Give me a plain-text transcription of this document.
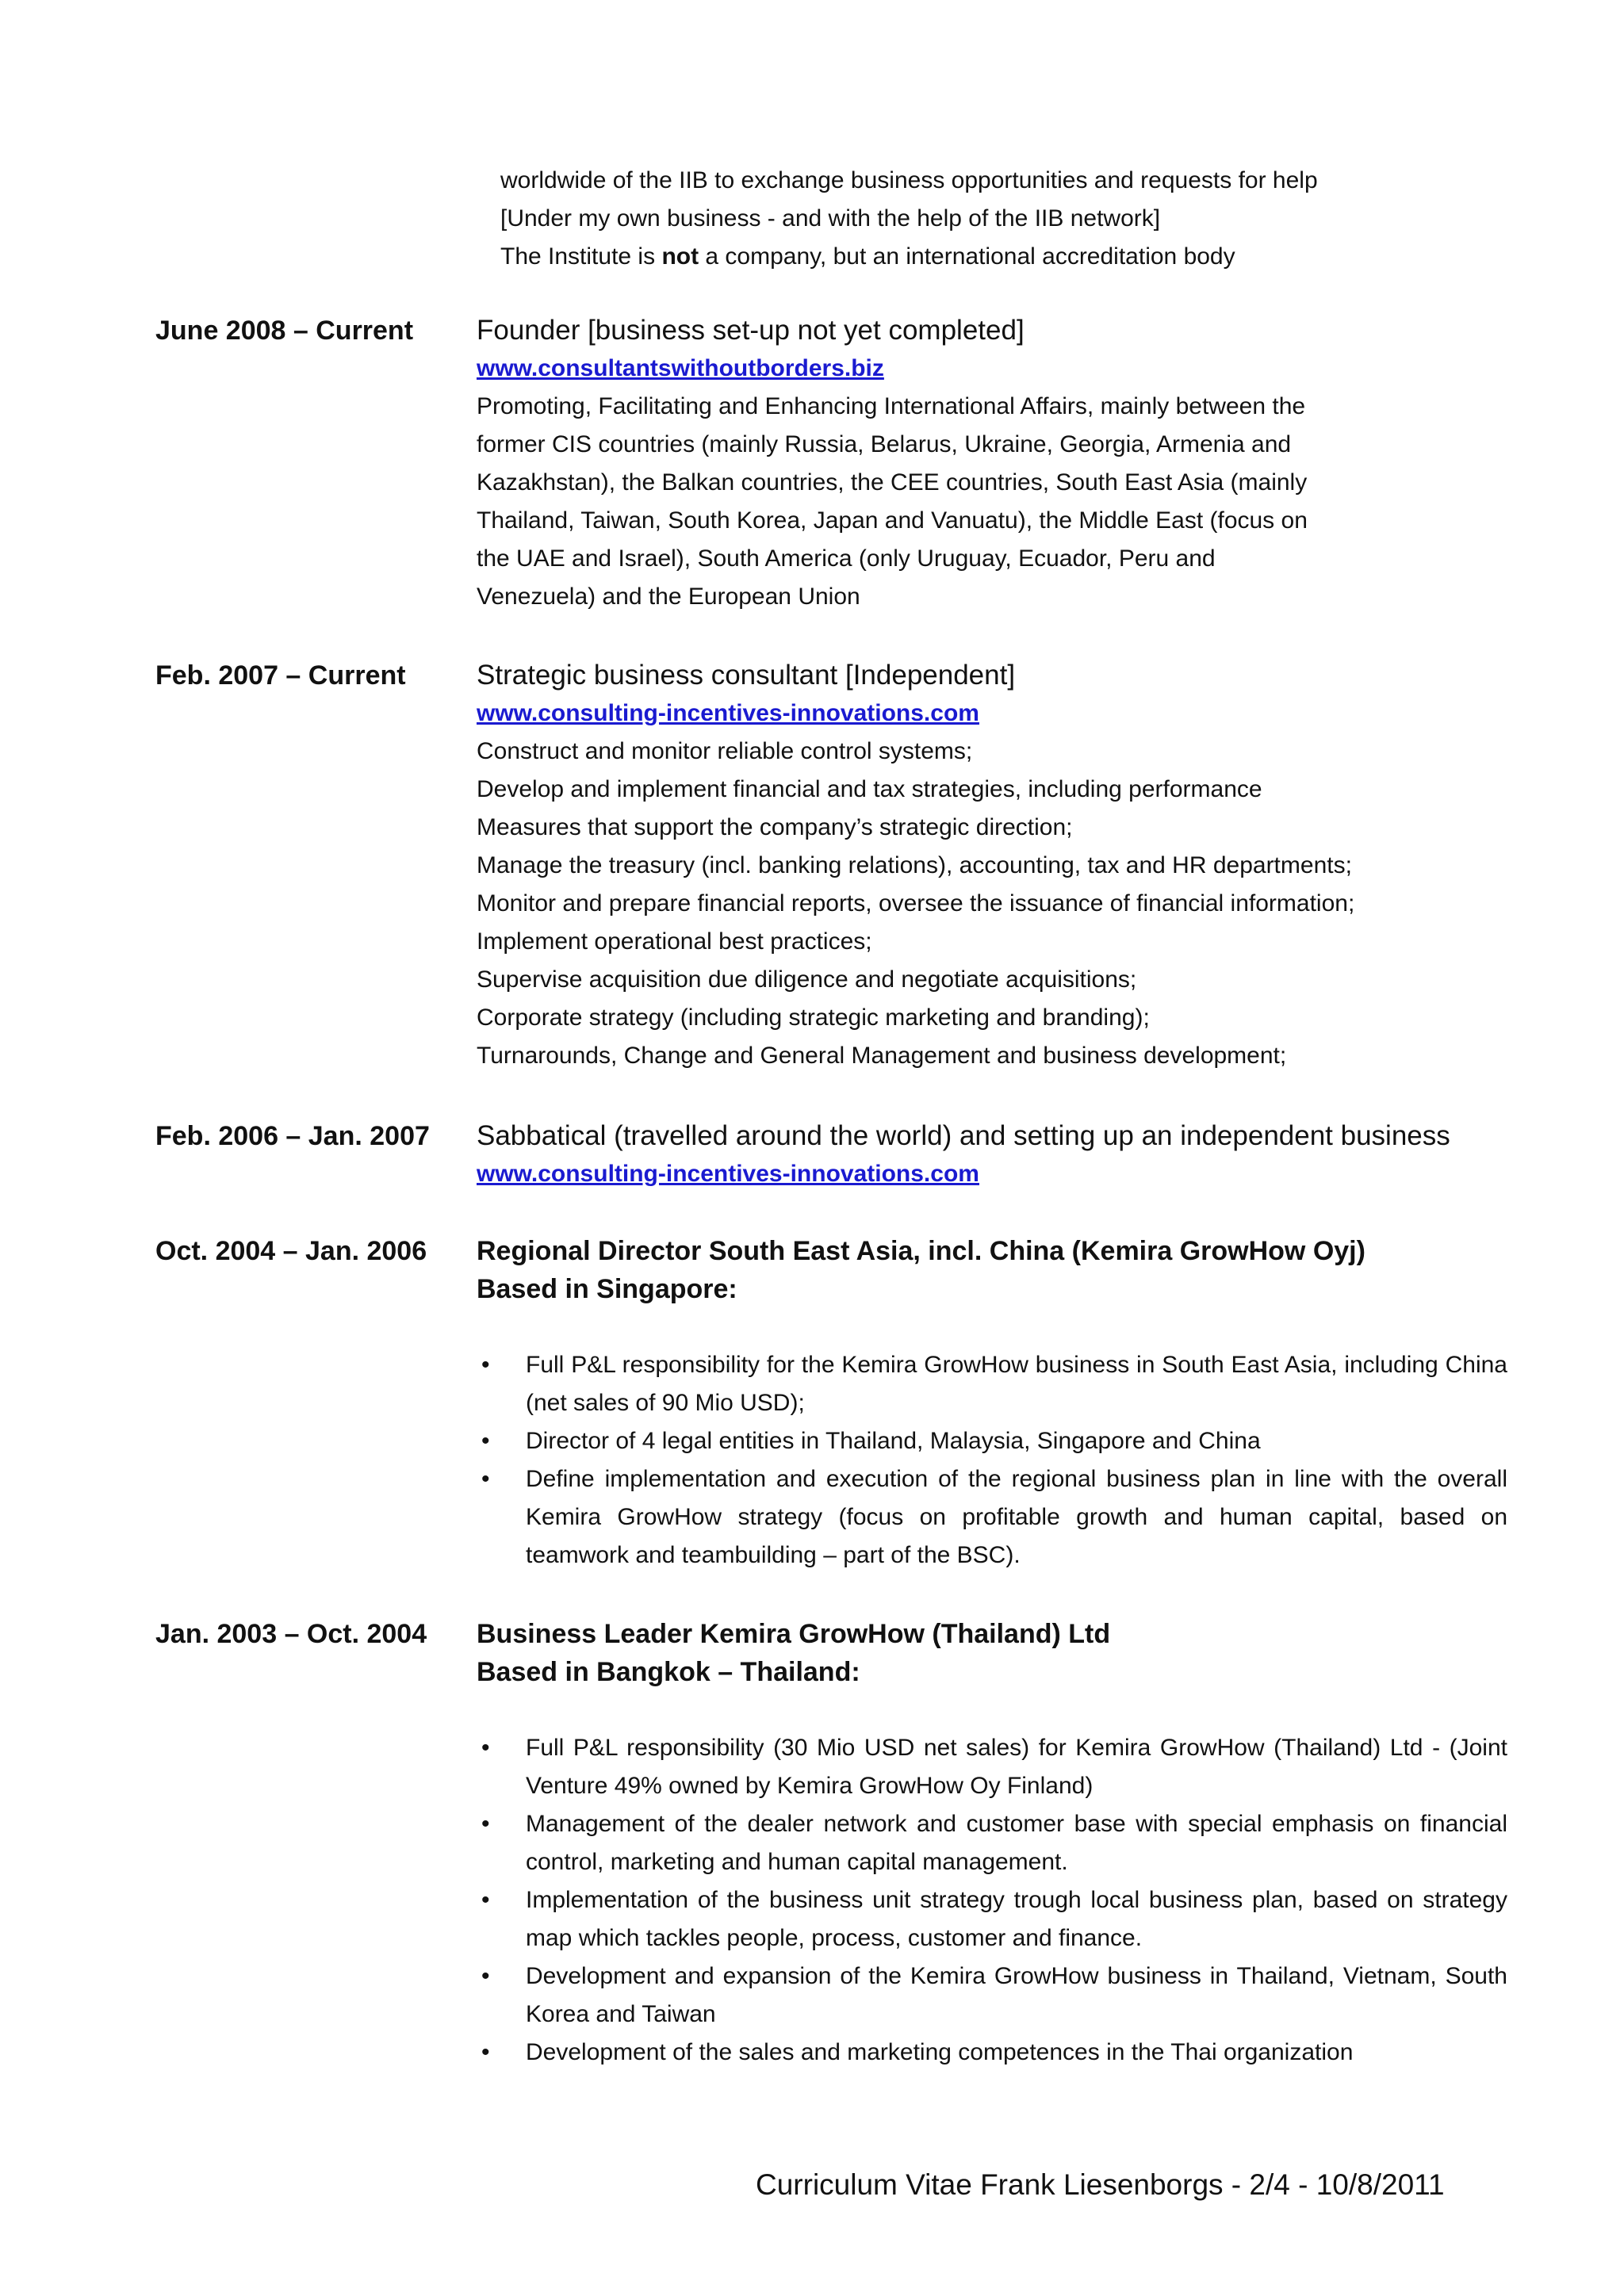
worldwide of the IIB to exchange business opportunities and requests for help
[Under my own business - and with the help of the IIB network]
The Institute is not a company, but an international accreditation body
June 2008 – Current Founder [business set-up not yet completed]
www.consultantswithoutborders.biz
Promoting, Facilitating and Enhancing International Affairs, mainly between the
former CIS countries (mainly Russia, Belarus, Ukraine, Georgia, Armenia and
Kazakhstan), the Balkan countries, the CEE countries, South East Asia (mainly
Thailand, Taiwan, South Korea, Japan and Vanuatu), the Middle East (focus on
the UAE and Israel), South America (only Uruguay, Ecuador, Peru and
Venezuela) and the European Union
Feb. 2007 – Current	Strategic business consultant [Independent]
www.consulting-incentives-innovations.com
Construct and monitor reliable control systems;
Develop and implement financial and tax strategies, including performance
Measures that support the company’s strategic direction;
Manage the treasury (incl. banking relations), accounting, tax and HR departments;
Monitor and prepare financial reports, oversee the issuance of financial information;
Implement operational best practices;
Supervise acquisition due diligence and negotiate acquisitions;
Corporate strategy (including strategic marketing and branding);
Turnarounds, Change and General Management and business development;
Feb. 2006 – Jan. 2007 Sabbatical (travelled around the world) and setting up an independent business
www.consulting-incentives-innovations.com
Oct. 2004 – Jan. 2006 Regional Director South East Asia, incl. China (Kemira GrowHow Oyj)
Based in Singapore:
• Full P&L responsibility for the Kemira GrowHow business in South East Asia, including China (net sales of 90 Mio USD);
• Director of 4 legal entities in Thailand, Malaysia, Singapore and China
• Define implementation and execution of the regional business plan in line with the overall Kemira GrowHow strategy (focus on profitable growth and human capital, based on teamwork and teambuilding – part of the BSC).
Jan. 2003 – Oct. 2004 Business Leader Kemira GrowHow (Thailand) Ltd
Based in Bangkok – Thailand:
• Full P&L responsibility (30 Mio USD net sales) for Kemira GrowHow (Thailand) Ltd - (Joint Venture 49% owned by Kemira GrowHow Oy Finland)
• Management of the dealer network and customer base with special emphasis on financial control, marketing and human capital management.
• Implementation of the business unit strategy trough local business plan, based on strategy map which tackles people, process, customer and finance.
• Development and expansion of the Kemira GrowHow business in Thailand, Vietnam, South Korea and Taiwan
• Development of the sales and marketing competences in the Thai organization
Curriculum Vitae Frank Liesenborgs - 2/4 - 10/8/2011
